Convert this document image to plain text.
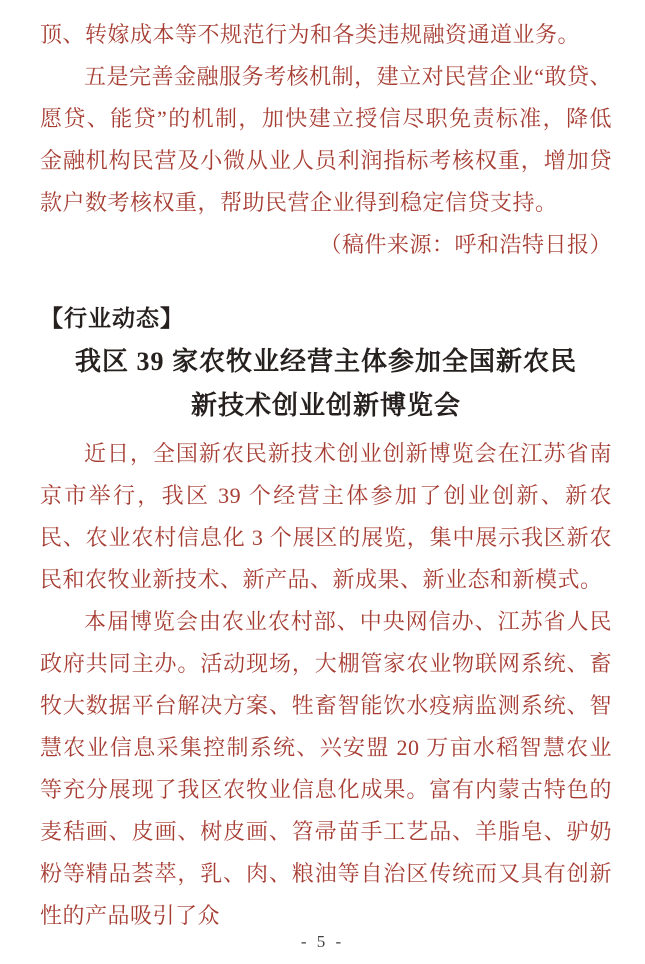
顶、转嫁成本等不规范行为和各类违规融资通道业务。

五是完善金融服务考核机制，建立对民营企业“敢贷、愿贷、能贷”的机制，加快建立授信尽职免责标准，降低金融机构民营及小微从业人员利润指标考核权重，增加贷款户数考核权重，帮助民营企业得到稳定信贷支持。

（稿件来源：呼和浩特日报）

【行业动态】
我区 39 家农牧业经营主体参加全国新农民
新技术创业创新博览会

近日，全国新农民新技术创业创新博览会在江苏省南京市举行，我区 39 个经营主体参加了创业创新、新农民、农业农村信息化 3 个展区的展览，集中展示我区新农民和农牧业新技术、新产品、新成果、新业态和新模式。

本届博览会由农业农村部、中央网信办、江苏省人民政府共同主办。活动现场，大棚管家农业物联网系统、畜牧大数据平台解决方案、牲畜智能饮水疫病监测系统、智慧农业信息采集控制系统、兴安盟 20 万亩水稻智慧农业等充分展现了我区农牧业信息化成果。富有内蒙古特色的麦秸画、皮画、树皮画、笤帚苗手工艺品、羊脂皂、驴奶粉等精品荟萃，乳、肉、粮油等自治区传统而又具有创新性的产品吸引了众

- 5 -
